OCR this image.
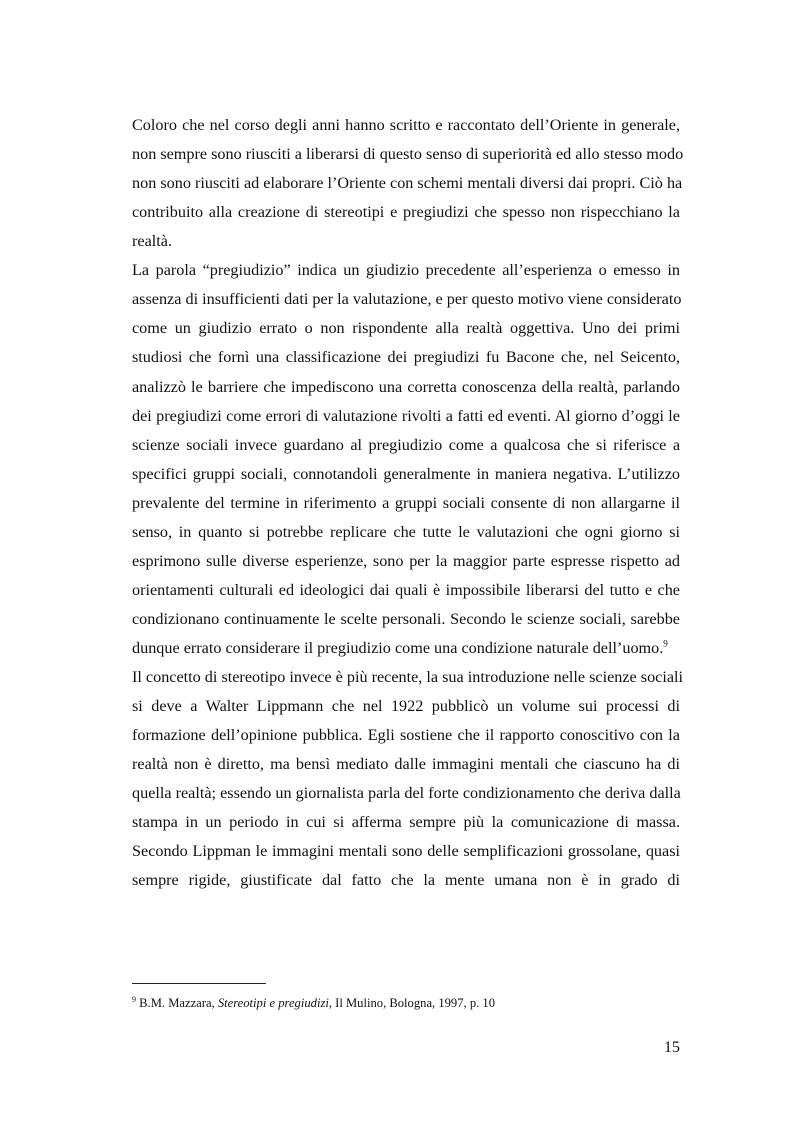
Coloro che nel corso degli anni hanno scritto e raccontato dell’Oriente in generale,
non sempre sono riusciti a liberarsi di questo senso di superiorità ed allo stesso modo
non sono riusciti ad elaborare l’Oriente con schemi mentali diversi dai propri. Ciò ha
contribuito alla creazione di stereotipi e pregiudizi che spesso non rispecchiano la
realtà.
La parola “pregiudizio” indica un giudizio precedente all’esperienza o emesso in
assenza di insufficienti dati per la valutazione, e per questo motivo viene considerato
come un giudizio errato o non rispondente alla realtà oggettiva. Uno dei primi
studiosi che fornì una classificazione dei pregiudizi fu Bacone che, nel Seicento,
analizzò le barriere che impediscono una corretta conoscenza della realtà, parlando
dei pregiudizi come errori di valutazione rivolti a fatti ed eventi. Al giorno d’oggi le
scienze sociali invece guardano al pregiudizio come a qualcosa che si riferisce a
specifici gruppi sociali, connotandoli generalmente in maniera negativa. L’utilizzo
prevalente del termine in riferimento a gruppi sociali consente di non allargarne il
senso, in quanto si potrebbe replicare che tutte le valutazioni che ogni giorno si
esprimono sulle diverse esperienze, sono per la maggior parte espresse rispetto ad
orientamenti culturali ed ideologici dai quali è impossibile liberarsi del tutto e che
condizionano continuamente le scelte personali. Secondo le scienze sociali, sarebbe
dunque errato considerare il pregiudizio come una condizione naturale dell’uomo.$^9$
Il concetto di stereotipo invece è più recente, la sua introduzione nelle scienze sociali
si deve a Walter Lippmann che nel 1922 pubblicò un volume sui processi di
formazione dell’opinione pubblica. Egli sostiene che il rapporto conoscitivo con la
realtà non è diretto, ma bensì mediato dalle immagini mentali che ciascuno ha di
quella realtà; essendo un giornalista parla del forte condizionamento che deriva dalla
stampa in un periodo in cui si afferma sempre più la comunicazione di massa.
Secondo Lippman le immagini mentali sono delle semplificazioni grossolane, quasi
sempre rigide, giustificate dal fatto che la mente umana non è in grado di
$^9$ B.M. Mazzara, Stereotipi e pregiudizi, Il Mulino, Bologna, 1997, p. 10
15
